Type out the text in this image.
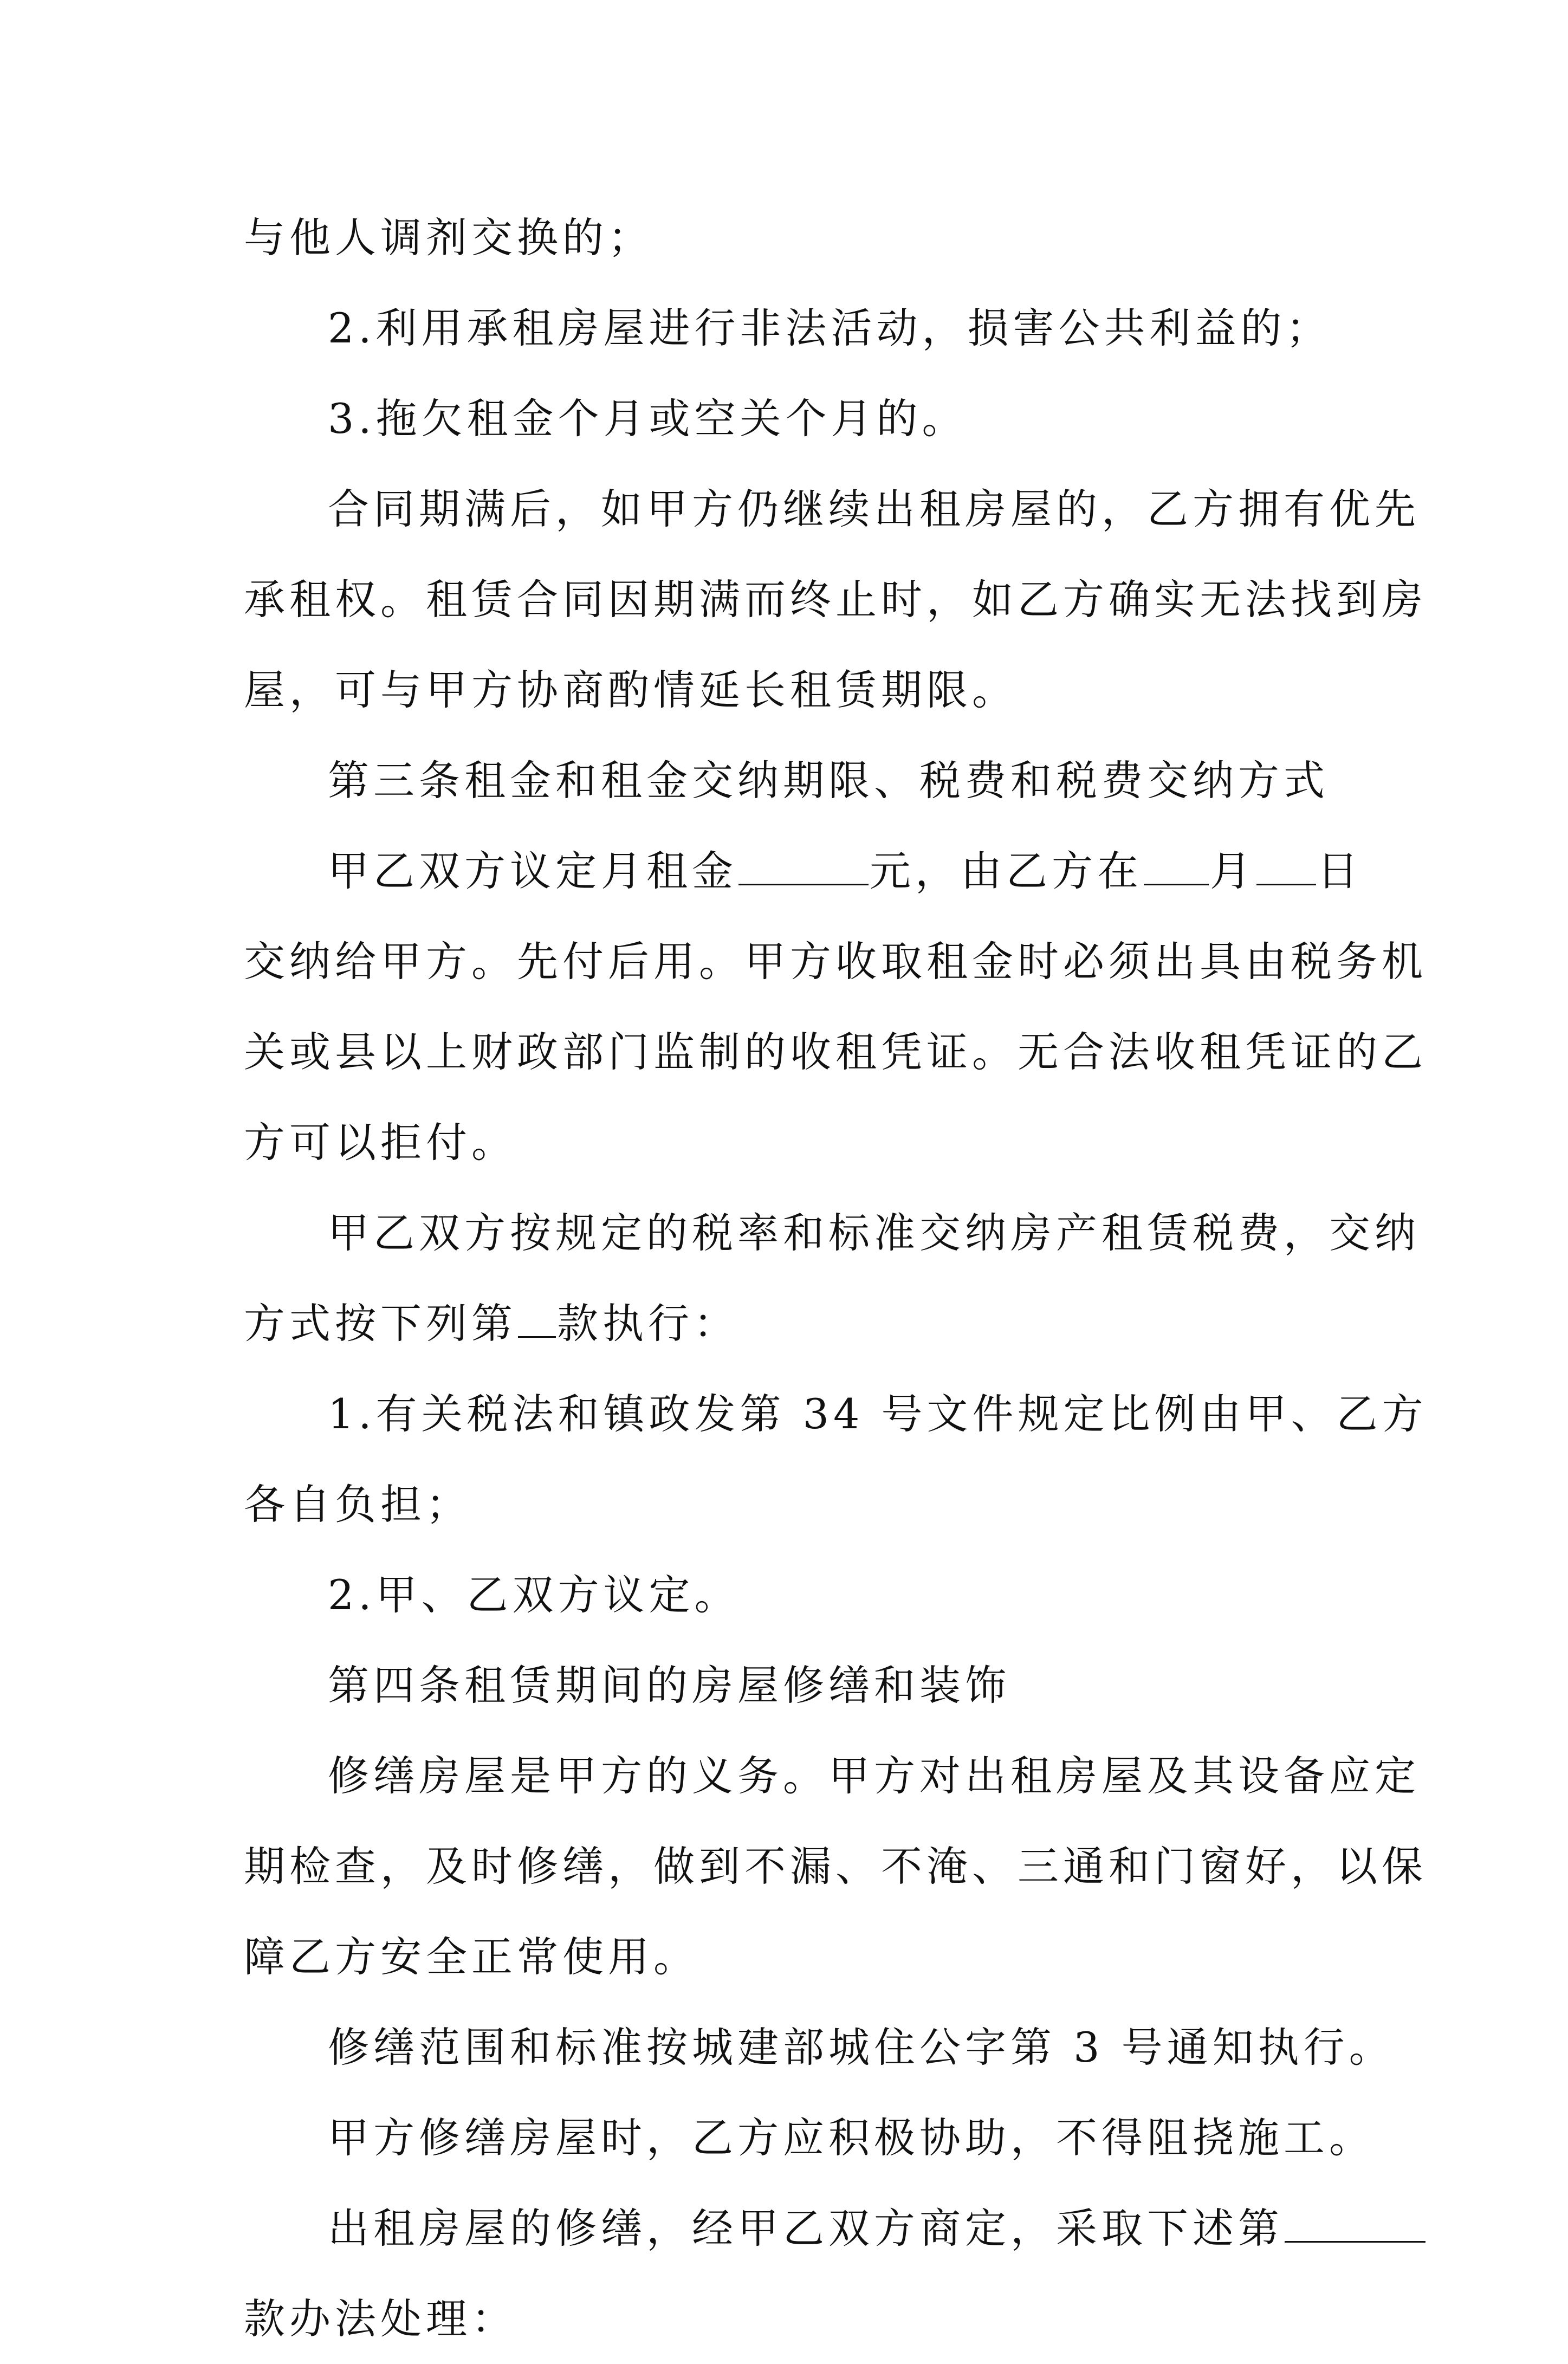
与他人调剂交换的；
2.利用承租房屋进行非法活动，损害公共利益的；
3.拖欠租金个月或空关个月的。
合同期满后，如甲方仍继续出租房屋的，乙方拥有优先
承租权。租赁合同因期满而终止时，如乙方确实无法找到房
屋，可与甲方协商酌情延长租赁期限。
第三条租金和租金交纳期限、税费和税费交纳方式
甲乙双方议定月租金	元，由乙方在 月 日
交纳给甲方。先付后用。甲方收取租金时必须出具由税务机
关或县以上财政部门监制的收租凭证。无合法收租凭证的乙
方可以拒付。
甲乙双方按规定的税率和标准交纳房产租赁税费，交纳
方式按下列第 款执行：
1.有关税法和镇政发第 34 号文件规定比例由甲、乙方
各自负担；
2.甲、乙双方议定。
第四条租赁期间的房屋修缮和装饰
修缮房屋是甲方的义务。甲方对出租房屋及其设备应定
期检查，及时修缮，做到不漏、不淹、三通和门窗好，以保
障乙方安全正常使用。
修缮范围和标准按城建部城住公字第 3 号通知执行。
甲方修缮房屋时，乙方应积极协助，不得阻挠施工。
出租房屋的修缮，经甲乙双方商定，采取下述第
款办法处理：
